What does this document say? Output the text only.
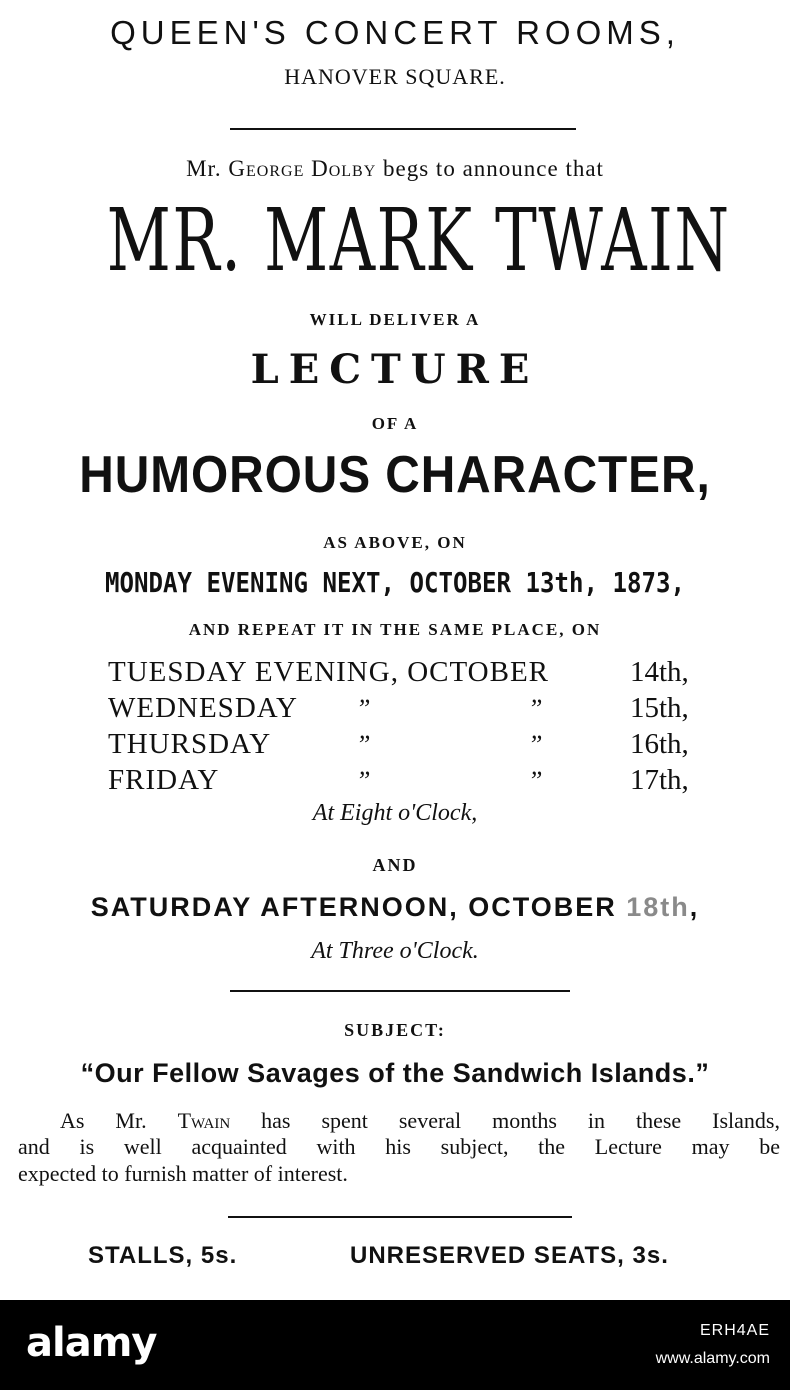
QUEEN'S CONCERT ROOMS,

HANOVER SQUARE.

Mr. George Dolby begs to announce that

MR. MARK TWAIN

WILL DELIVER A

LECTURE

OF A

HUMOROUS CHARACTER,

AS ABOVE, ON

MONDAY EVENING NEXT, OCTOBER 13th, 1873,

AND REPEAT IT IN THE SAME PLACE, ON

TUESDAY EVENING, OCTOBER	14th,
WEDNESDAY ”	”	15th,
THURSDAY	”	”	16th,
FRIDAY	”	”	17th,

At Eight o'Clock,

AND

SATURDAY AFTERNOON, OCTOBER 18th,

At Three o'Clock.

SUBJECT:

“Our Fellow Savages of the Sandwich Islands.”

As Mr. Twain has spent several months in these Islands,
and is well acquainted with his subject, the Lecture may be
expected to furnish matter of interest.
STALLS, 5s.	UNRESERVED SEATS, 3s.
alamy	ERH4AE
www.alamy.com
